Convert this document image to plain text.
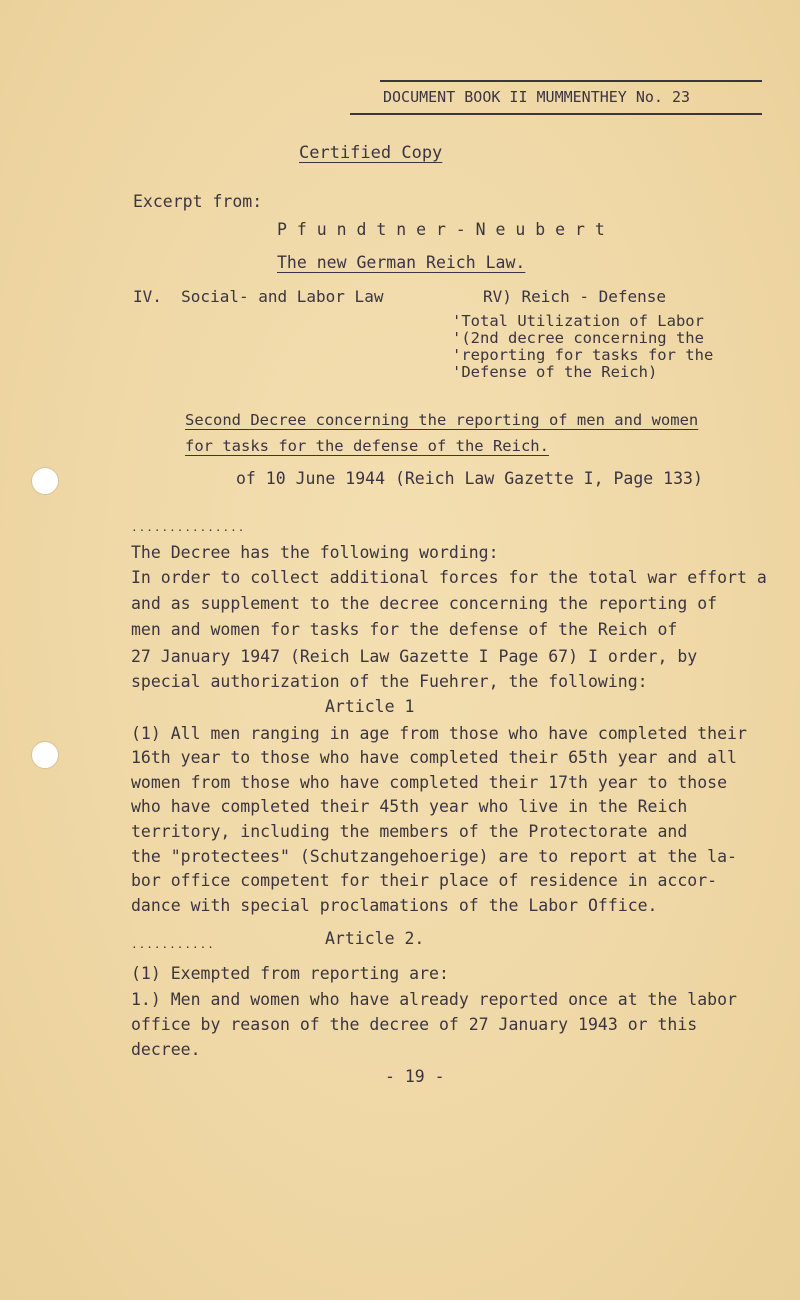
DOCUMENT BOOK II MUMMENTHEY No. 23
Certified Copy
Excerpt from:
P f u n d t n e r - N e u b e r t
The new German Reich Law.
IV.  Social- and Labor Law	RV) Reich - Defense
'Total Utilization of Labor
'(2nd decree concerning the
'reporting for tasks for the
'Defense of the Reich)
Second Decree concerning the reporting of men and women
for tasks for the defense of the Reich.
of 10 June 1944 (Reich Law Gazette I, Page 133)
...............
The Decree has the following wording:
In order to collect additional forces for the total war effort a
and as supplement to the decree concerning the reporting of
men and women for tasks for the defense of the Reich of
27 January 1947 (Reich Law Gazette I Page 67) I order, by
special authorization of the Fuehrer, the following:
Article 1
(1) All men ranging in age from those who have completed their
16th year to those who have completed their 65th year and all
women from those who have completed their 17th year to those
who have completed their 45th year who live in the Reich
territory, including the members of the Protectorate and
the "protectees" (Schutzangehoerige) are to report at the la-
bor office competent for their place of residence in accor-
dance with special proclamations of the Labor Office.
...........	Article 2.
(1) Exempted from reporting are:
1.) Men and women who have already reported once at the labor
office by reason of the decree of 27 January 1943 or this
decree.
- 19 -
